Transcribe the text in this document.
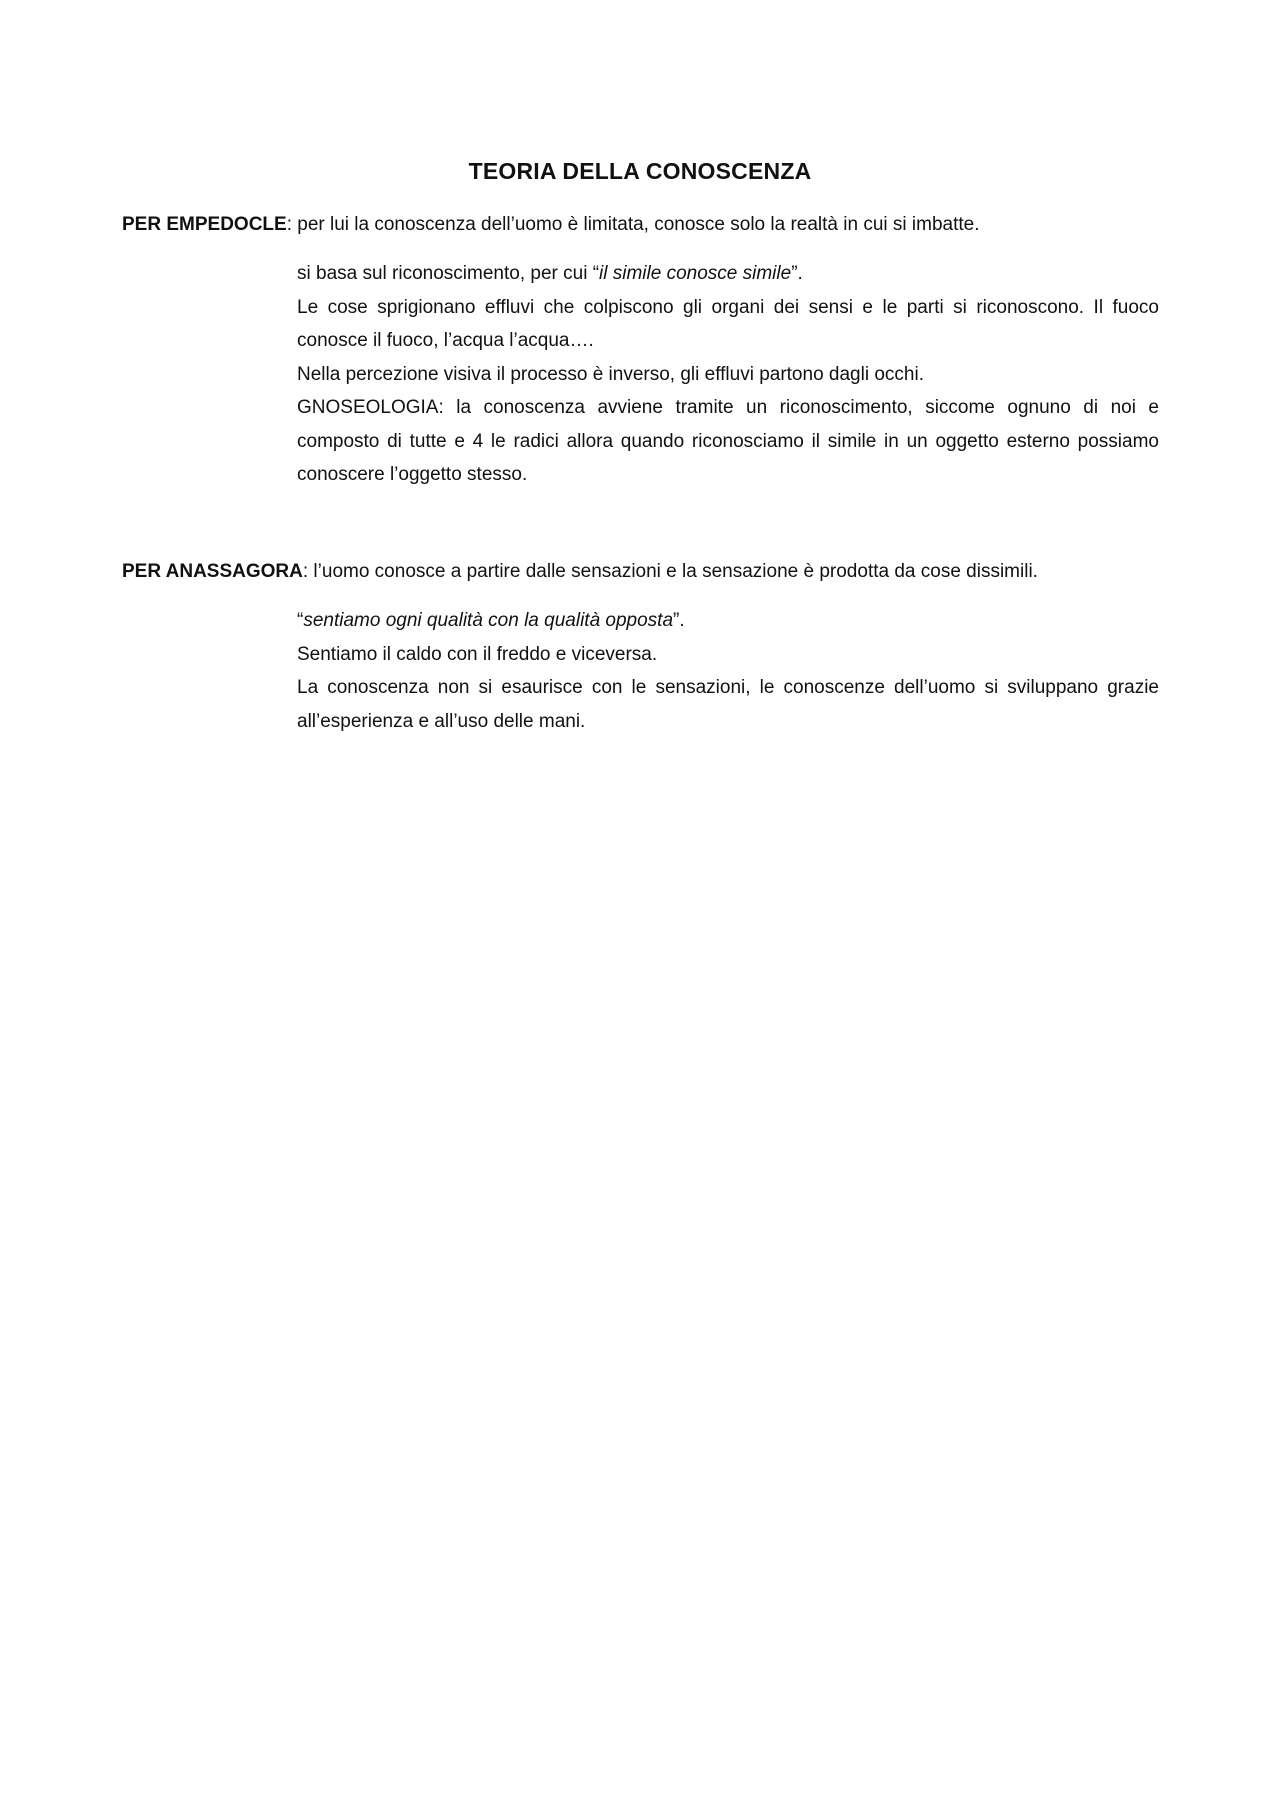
TEORIA DELLA CONOSCENZA
PER EMPEDOCLE: per lui la conoscenza dell’uomo è limitata, conosce solo la realtà in cui si imbatte.

si basa sul riconoscimento, per cui “il simile conosce simile”.

Le cose sprigionano effluvi che colpiscono gli organi dei sensi e le parti si riconoscono. Il fuoco conosce il fuoco, l’acqua l’acqua….

Nella percezione visiva il processo è inverso, gli effluvi partono dagli occhi.

GNOSEOLOGIA: la conoscenza avviene tramite un riconoscimento, siccome ognuno di noi e composto di tutte e 4 le radici allora quando riconosciamo il simile in un oggetto esterno possiamo conoscere l’oggetto stesso.

PER ANASSAGORA: l’uomo conosce a partire dalle sensazioni e la sensazione è prodotta da cose dissimili.

“sentiamo ogni qualità con la qualità opposta”.

Sentiamo il caldo con il freddo e viceversa.

La conoscenza non si esaurisce con le sensazioni, le conoscenze dell’uomo si sviluppano grazie all’esperienza e all’uso delle mani.
